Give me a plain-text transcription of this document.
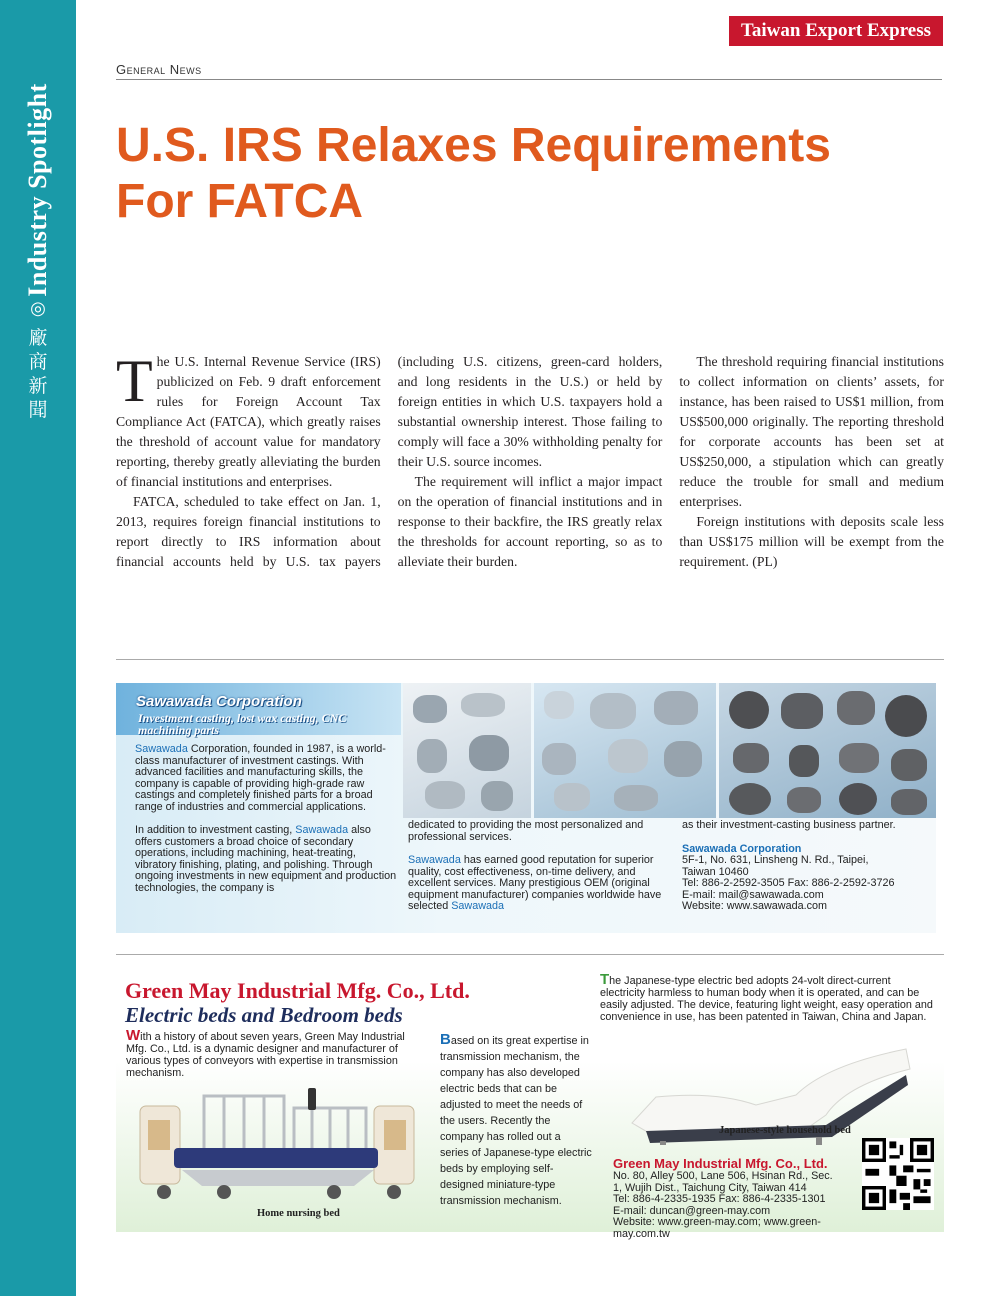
Industry Spotlight
◎
廠
商
新
聞
Taiwan Export Express
General News
U.S. IRS Relaxes Requirements
For FATCA

The U.S. Internal Revenue Service (IRS) publicized on Feb. 9 draft enforcement rules for Foreign Account Tax Compliance Act (FATCA), which greatly raises the threshold of account value for mandatory reporting, thereby greatly alleviating the burden of financial institutions and enterprises.

FATCA, scheduled to take effect on Jan. 1, 2013, requires foreign financial institutions to report directly to IRS information about financial accounts held by U.S. tax payers (including U.S. citizens, green-card holders, and long residents in the U.S.) or held by foreign entities in which U.S. taxpayers hold a substantial ownership interest. Those failing to comply will face a 30% withholding penalty for their U.S. source incomes.

The requirement will inflict a major impact on the operation of financial institutions and in response to their backfire, the IRS greatly relax the thresholds for account reporting, so as to alleviate their burden.

The threshold requiring financial institutions to collect information on clients’ assets, for instance, has been raised to US$1 million, from US$500,000 originally. The reporting threshold for corporate accounts has been set at US$250,000, a stipulation which can greatly reduce the trouble for small and medium enterprises.

Foreign institutions with deposits scale less than US$175 million will be exempt from the requirement. (PL)

Sawawada Corporation
Investment casting, lost wax casting, CNC machining parts
Sawawada Corporation, founded in 1987, is a world-class manufacturer of investment castings. With advanced facilities and manufacturing skills, the company is capable of providing high-grade raw castings and completely finished parts for a broad range of industries and commercial applications.
In addition to investment casting, Sawawada also offers customers a broad choice of secondary operations, including machining, heat-treating, vibratory finishing, plating, and polishing. Through ongoing investments in new equipment and production technologies, the company is
dedicated to providing the most personalized and professional services.
Sawawada has earned good reputation for superior quality, cost effectiveness, on-time delivery, and excellent services. Many prestigious OEM (original equipment manufacturer) companies worldwide have selected Sawawada
as their investment-casting business partner.
Sawawada Corporation
5F-1, No. 631, Linsheng N. Rd., Taipei,
Taiwan 10460
Tel: 886-2-2592-3505 Fax: 886-2-2592-3726
E-mail: mail@sawawada.com
Website: www.sawawada.com
Green May Industrial Mfg. Co., Ltd.
Electric beds and Bedroom beds
With a history of about seven years, Green May Industrial Mfg. Co., Ltd. is a dynamic designer and manufacturer of various types of conveyors with expertise in transmission mechanism.
Based on its great expertise in transmission mechanism, the company has also developed electric beds that can be adjusted to meet the needs of the users. Recently the company has rolled out a series of Japanese-type electric beds by employing self-designed miniature-type transmission mechanism.
The Japanese-type electric bed adopts 24-volt direct-current electricity harmless to human body when it is operated, and can be easily adjusted. The device, featuring light weight, easy operation and convenience in use, has been patented in Taiwan, China and Japan.
Home nursing bed
Japanese-style household bed
Green May Industrial Mfg. Co., Ltd.
No. 80, Alley 500, Lane 506, Hsinan Rd., Sec.
1, Wujih Dist., Taichung City, Taiwan 414
Tel: 886-4-2335-1935 Fax: 886-4-2335-1301
E-mail: duncan@green-may.com
Website: www.green-may.com; www.green-may.com.tw
